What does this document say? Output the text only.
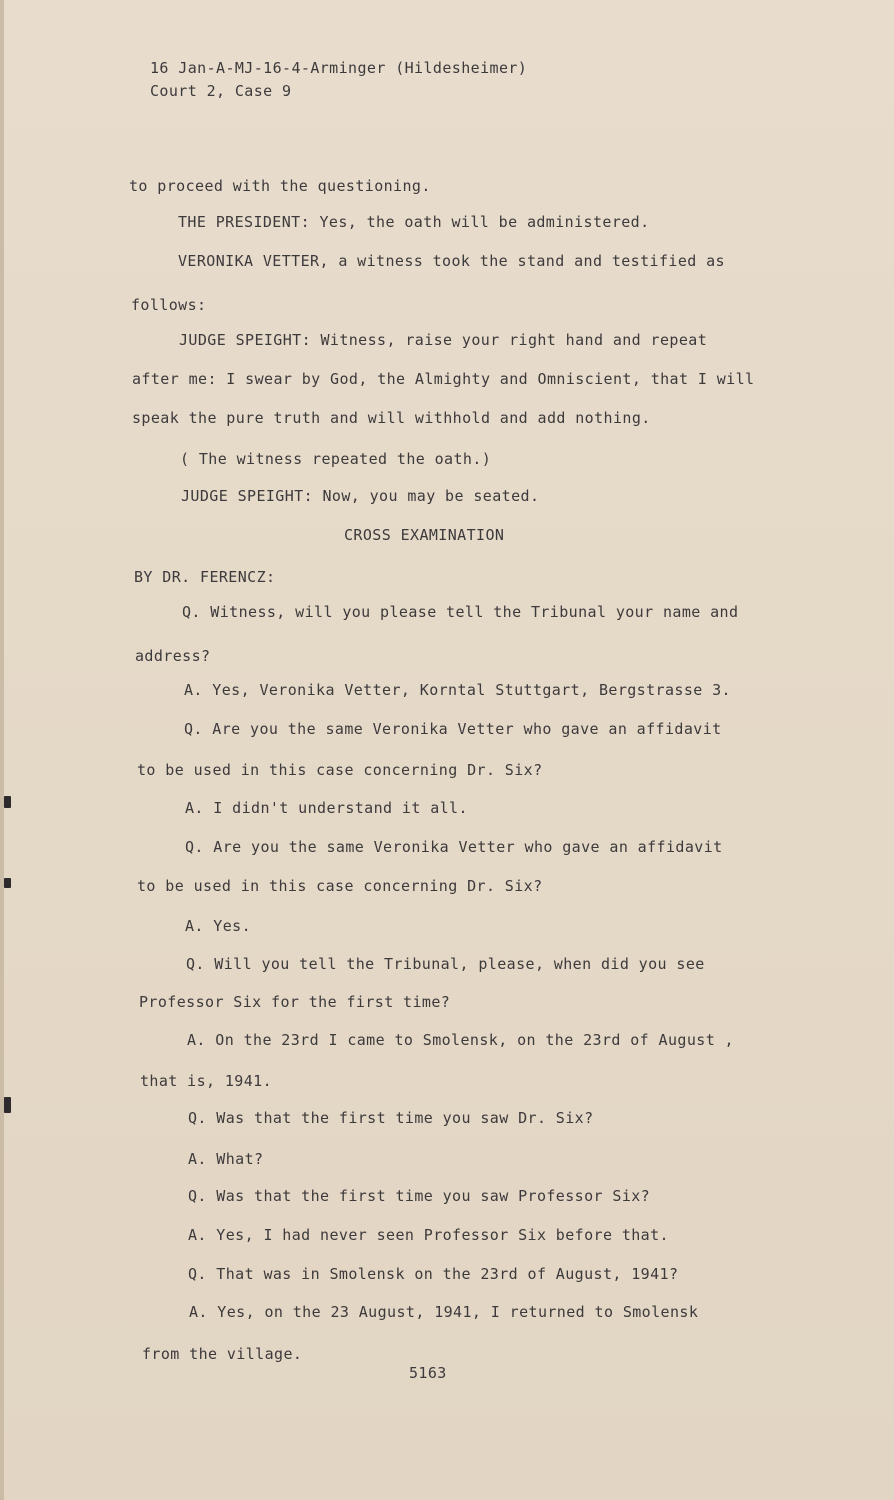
16 Jan-A-MJ-16-4-Arminger (Hildesheimer)
Court 2, Case 9
to proceed with the questioning.
THE PRESIDENT: Yes, the oath will be administered.
VERONIKA VETTER, a witness took the stand and testified as
follows:
JUDGE SPEIGHT: Witness, raise your right hand and repeat
after me: I swear by God, the Almighty and Omniscient, that I will
speak the pure truth and will withhold and add nothing.
( The witness repeated the oath.)
JUDGE SPEIGHT: Now, you may be seated.
CROSS EXAMINATION
BY DR. FERENCZ:
Q. Witness, will you please tell the Tribunal your name and
address?
A. Yes, Veronika Vetter, Korntal Stuttgart, Bergstrasse 3.
Q. Are you the same Veronika Vetter who gave an affidavit
to be used in this case concerning Dr. Six?
A. I didn't understand it all.
Q. Are you the same Veronika Vetter who gave an affidavit
to be used in this case concerning Dr. Six?
A. Yes.
Q. Will you tell the Tribunal, please, when did you see
Professor Six for the first time?
A. On the 23rd I came to Smolensk, on the 23rd of August ,
that is, 1941.
Q. Was that the first time you saw Dr. Six?
A. What?
Q. Was that the first time you saw Professor Six?
A. Yes, I had never seen Professor Six before that.
Q. That was in Smolensk on the 23rd of August, 1941?
A. Yes, on the 23 August, 1941, I returned to Smolensk
from the village.
5163
